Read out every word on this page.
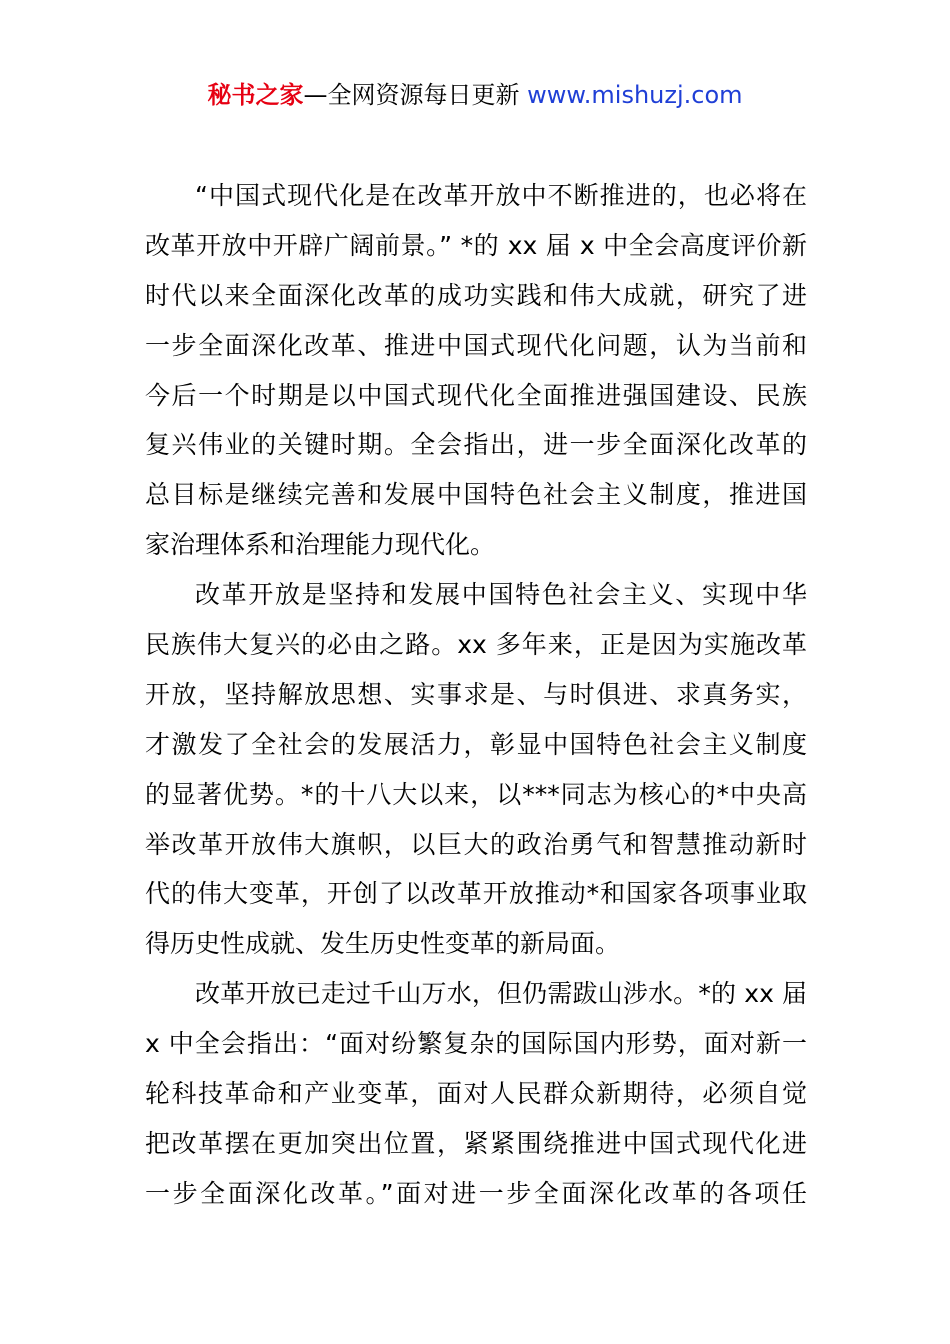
秘书之家—全网资源每日更新 www.mishuzj.com
“中国式现代化是在改革开放中不断推进的，也必将在
改革开放中开辟广阔前景。” *的 xx 届 x 中全会高度评价新
时代以来全面深化改革的成功实践和伟大成就，研究了进
一步全面深化改革、推进中国式现代化问题，认为当前和
今后一个时期是以中国式现代化全面推进强国建设、民族
复兴伟业的关键时期。全会指出，进一步全面深化改革的
总目标是继续完善和发展中国特色社会主义制度，推进国
家治理体系和治理能力现代化。
改革开放是坚持和发展中国特色社会主义、实现中华
民族伟大复兴的必由之路。xx 多年来，正是因为实施改革
开放，坚持解放思想、实事求是、与时俱进、求真务实，
才激发了全社会的发展活力，彰显中国特色社会主义制度
的显著优势。*的十八大以来，以***同志为核心的*中央高
举改革开放伟大旗帜，以巨大的政治勇气和智慧推动新时
代的伟大变革，开创了以改革开放推动*和国家各项事业取
得历史性成就、发生历史性变革的新局面。
改革开放已走过千山万水，但仍需跋山涉水。*的 xx 届
x 中全会指出：“面对纷繁复杂的国际国内形势，面对新一
轮科技革命和产业变革，面对人民群众新期待，必须自觉
把改革摆在更加突出位置，紧紧围绕推进中国式现代化进
一步全面深化改革。”面对进一步全面深化改革的各项任
